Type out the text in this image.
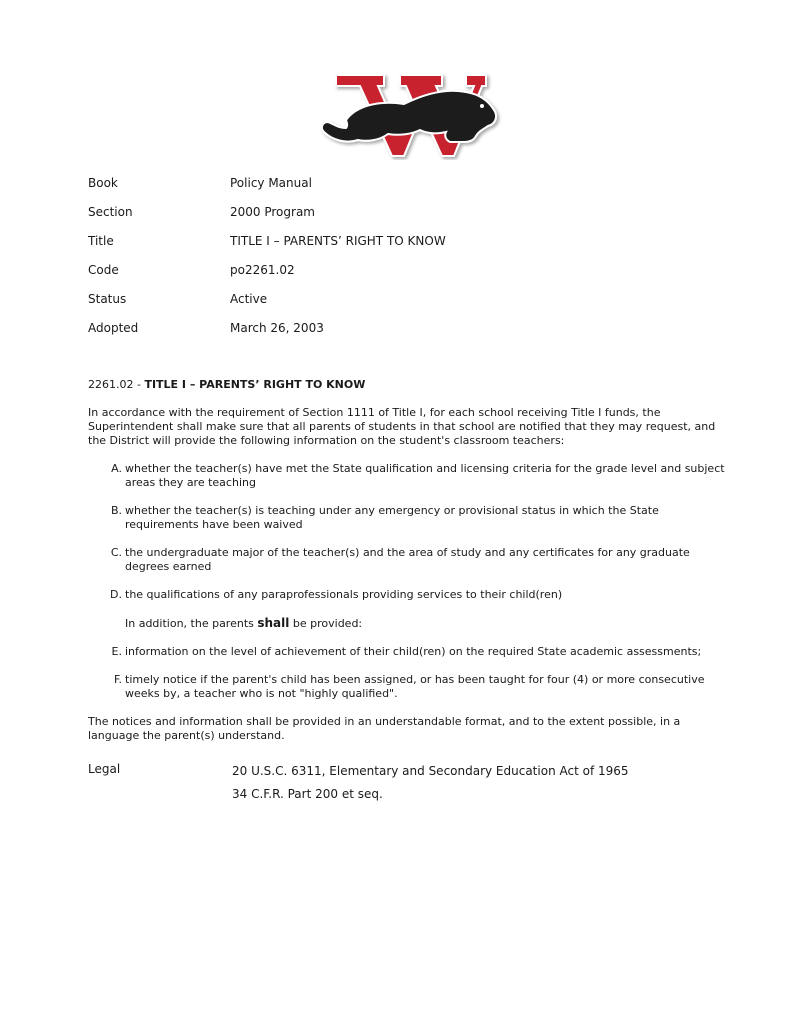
Book	Policy Manual
Section	2000 Program
Title	TITLE I – PARENTS’ RIGHT TO KNOW
Code	po2261.02
Status	Active
Adopted	March 26, 2003

2261.02 - TITLE I – PARENTS’ RIGHT TO KNOW

In accordance with the requirement of Section 1111 of Title I, for each school receiving Title I funds, the Superintendent shall make sure that all parents of students in that school are notified that they may request, and the District will provide the following information on the student's classroom teachers:

A. whether the teacher(s) have met the State qualification and licensing criteria for the grade level and subject areas they are teaching
B. whether the teacher(s) is teaching under any emergency or provisional status in which the State requirements have been waived
C. the undergraduate major of the teacher(s) and the area of study and any certificates for any graduate degrees earned
D. the qualifications of any paraprofessionals providing services to their child(ren)

In addition, the parents shall be provided:

E. information on the level of achievement of their child(ren) on the required State academic assessments;
F. timely notice if the parent's child has been assigned, or has been taught for four (4) or more consecutive weeks by, a teacher who is not "highly qualified".

The notices and information shall be provided in an understandable format, and to the extent possible, in a language the parent(s) understand.

Legal	20 U.S.C. 6311, Elementary and Secondary Education Act of 1965
34 C.F.R. Part 200 et seq.
